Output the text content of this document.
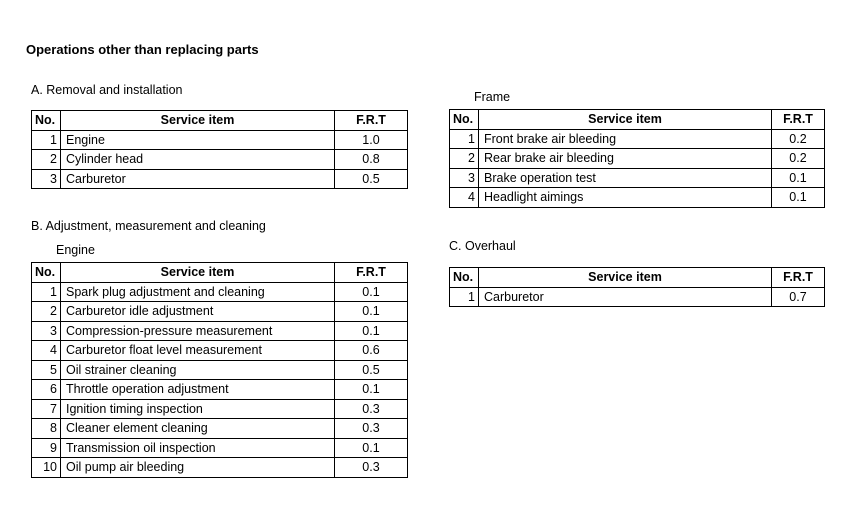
Operations other than replacing parts
A. Removal and installation
No.	Service item	F.R.T
1	Engine	1.0
2	Cylinder head	0.8
3	Carburetor	0.5
Frame
No.	Service item	F.R.T
1	Front brake air bleeding	0.2
2	Rear brake air bleeding	0.2
3	Brake operation test	0.1
4	Headlight aimings	0.1
B. Adjustment, measurement and cleaning
Engine
No.	Service item	F.R.T
1	Spark plug adjustment and cleaning	0.1
2	Carburetor idle adjustment	0.1
3	Compression-pressure measurement	0.1
4	Carburetor float level measurement	0.6
5	Oil strainer cleaning	0.5
6	Throttle operation adjustment	0.1
7	Ignition timing inspection	0.3
8	Cleaner element cleaning	0.3
9	Transmission oil inspection	0.1
10	Oil pump air bleeding	0.3
C. Overhaul
No.	Service item	F.R.T
1	Carburetor	0.7
